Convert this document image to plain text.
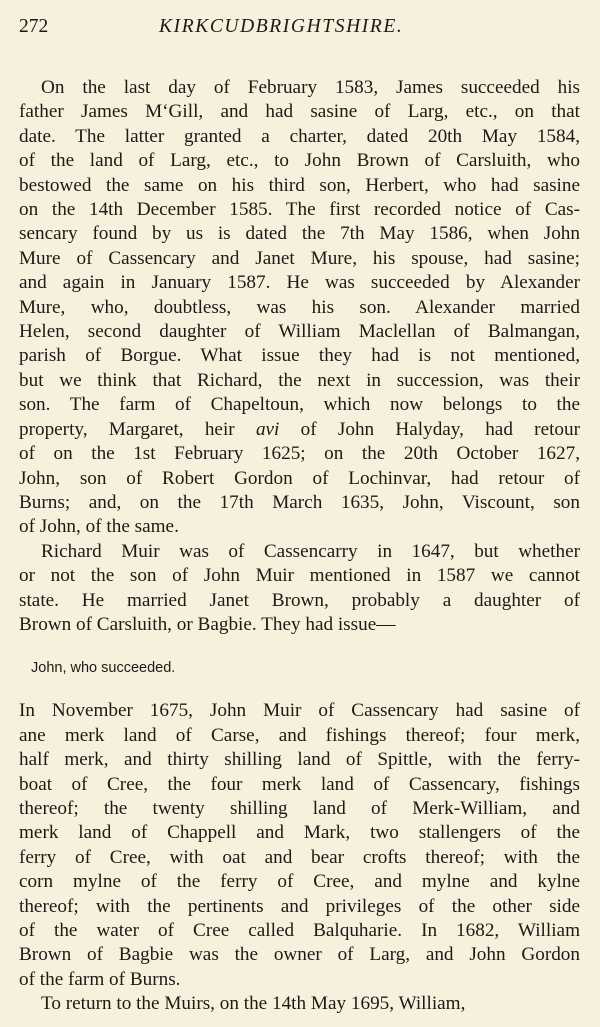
272	KIRKCUDBRIGHTSHIRE.

On the last day of February 1583, James succeeded his
father James M‘Gill, and had sasine of Larg, etc., on that
date. The latter granted a charter, dated 20th May 1584,
of the land of Larg, etc., to John Brown of Carsluith, who
bestowed the same on his third son, Herbert, who had sasine
on the 14th December 1585. The first recorded notice of Cas-
sencary found by us is dated the 7th May 1586, when John
Mure of Cassencary and Janet Mure, his spouse, had sasine;
and again in January 1587. He was succeeded by Alexander
Mure, who, doubtless, was his son. Alexander married
Helen, second daughter of William Maclellan of Balmangan,
parish of Borgue. What issue they had is not mentioned,
but we think that Richard, the next in succession, was their
son. The farm of Chapeltoun, which now belongs to the
property, Margaret, heir avi of John Halyday, had retour
of on the 1st February 1625; on the 20th October 1627,
John, son of Robert Gordon of Lochinvar, had retour of
Burns; and, on the 17th March 1635, John, Viscount, son
of John, of the same.

Richard Muir was of Cassencarry in 1647, but whether
or not the son of John Muir mentioned in 1587 we cannot
state. He married Janet Brown, probably a daughter of
Brown of Carsluith, or Bagbie. They had issue—

John, who succeeded.

In November 1675, John Muir of Cassencary had sasine of
ane merk land of Carse, and fishings thereof; four merk,
half merk, and thirty shilling land of Spittle, with the ferry-
boat of Cree, the four merk land of Cassencary, fishings
thereof; the twenty shilling land of Merk-William, and
merk land of Chappell and Mark, two stallengers of the
ferry of Cree, with oat and bear crofts thereof; with the
corn mylne of the ferry of Cree, and mylne and kylne
thereof; with the pertinents and privileges of the other side
of the water of Cree called Balquharie. In 1682, William
Brown of Bagbie was the owner of Larg, and John Gordon
of the farm of Burns.

To return to the Muirs, on the 14th May 1695, William,
